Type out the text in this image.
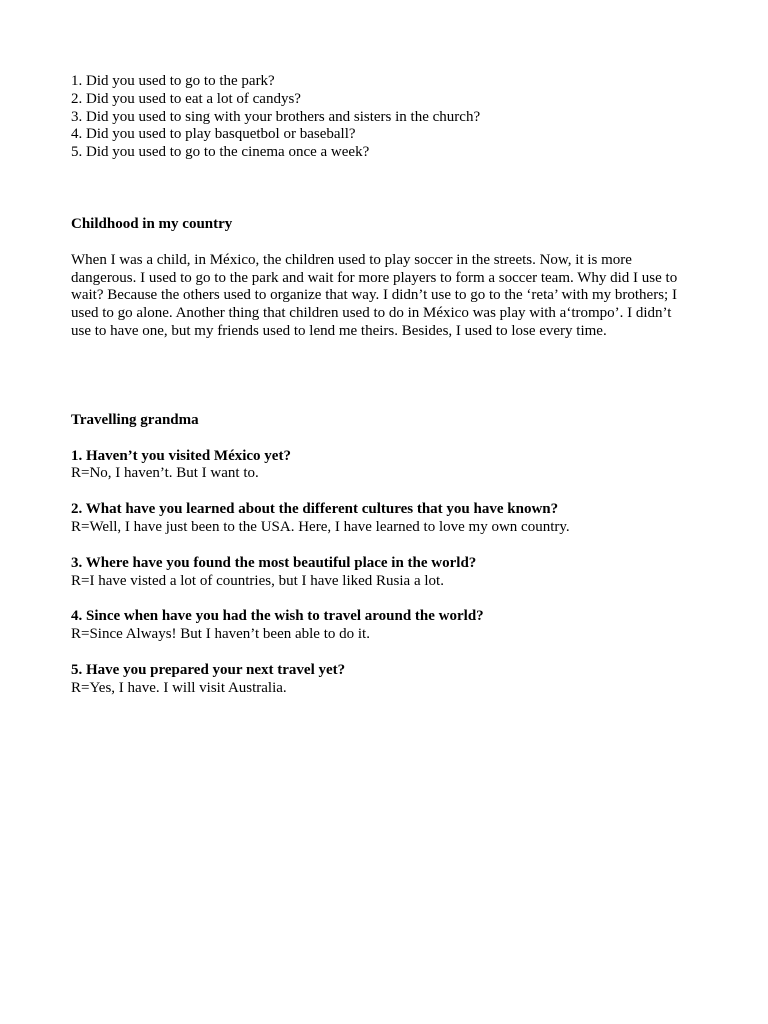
1. Did you used to go to the park?

2. Did you used to eat a lot of candys?

3. Did you used to sing with your brothers and sisters in the church?

4. Did you used to play basquetbol or baseball?

5. Did you used to go to the cinema once a week?

Childhood in my country

When I was a child, in México, the children used to play soccer in the streets. Now, it is more dangerous. I used to go to the park and wait for more players to form a soccer team. Why did I use to wait? Because the others used to organize that way. I didn’t use to go to the ‘reta’ with my brothers; I used to go alone. Another thing that children used to do in México was play with a‘trompo’. I didn’t use to have one, but my friends used to lend me theirs. Besides, I used to lose every time.

Travelling grandma

1. Haven’t you visited México yet?

R=No, I haven’t. But I want to.

2. What have you learned about the different cultures that you have known?

R=Well, I have just been to the USA. Here, I have learned to love my own country.

3. Where have you found the most beautiful place in the world?

R=I have visted a lot of countries, but I have liked Rusia a lot.

4. Since when have you had the wish to travel around the world?

R=Since Always! But I haven’t been able to do it.

5. Have you prepared your next travel yet?

R=Yes, I have. I will visit Australia.
